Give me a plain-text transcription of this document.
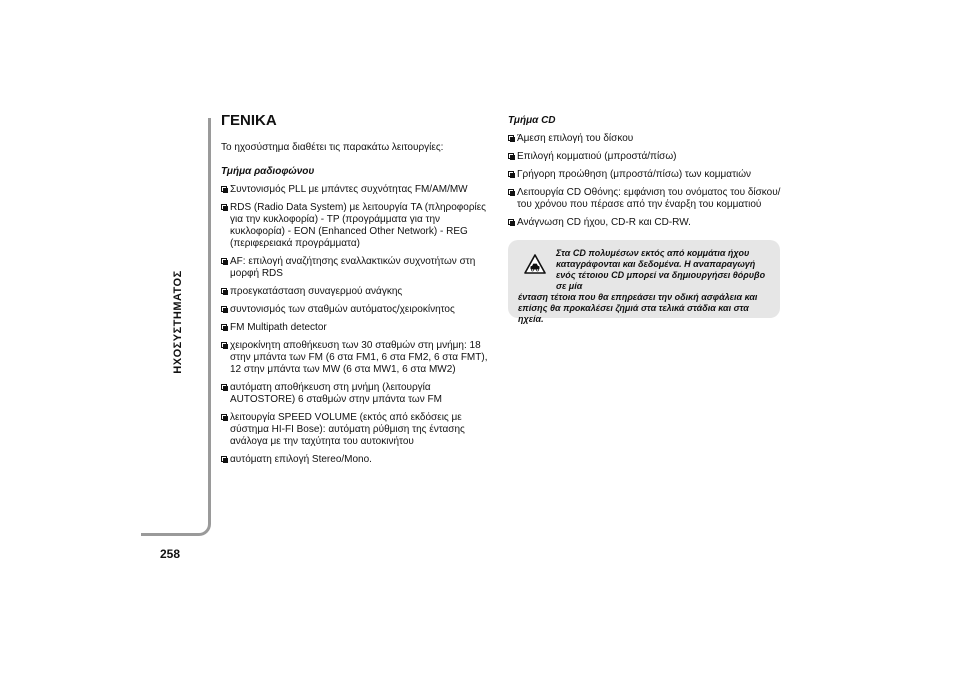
ΗΧΟΣΥΣΤΗΜΑΤΟΣ
258
ΓΕΝΙΚΑ
Το ηχοσύστημα διαθέτει τις παρακάτω λειτουργίες:
Τμήμα ραδιοφώνου
Συντονισμός PLL με μπάντες συχνότητας FM/AM/MW
RDS (Radio Data System) με λειτουργία TA (πληροφορίες για την κυκλοφορία) - TP (προγράμματα για την κυκλοφορία) - EON (Enhanced Other Network) - REG (περιφερειακά προγράμματα)
AF: επιλογή αναζήτησης εναλλακτικών συχνοτήτων στη μορφή RDS
προεγκατάσταση συναγερμού ανάγκης
συντονισμός των σταθμών αυτόματος/χειροκίνητος
FM Multipath detector
χειροκίνητη αποθήκευση των 30 σταθμών στη μνήμη: 18 στην μπάντα των FM (6 στα FM1, 6 στα FM2, 6 στα FMT), 12 στην μπάντα των MW (6 στα MW1, 6 στα MW2)
αυτόματη αποθήκευση στη μνήμη (λειτουργία AUTOSTORE) 6 σταθμών στην μπάντα των FM
λειτουργία SPEED VOLUME (εκτός από εκδόσεις με σύστημα HI-FI Bose): αυτόματη ρύθμιση της έντασης ανάλογα με την ταχύτητα του αυτοκινήτου
αυτόματη επιλογή Stereo/Mono.
Τμήμα CD
Άμεση επιλογή του δίσκου
Επιλογή κομματιού (μπροστά/πίσω)
Γρήγορη προώθηση (μπροστά/πίσω) των κομματιών
Λειτουργία CD Οθόνης: εμφάνιση του ονόματος του δίσκου/του χρόνου που πέρασε από την έναρξη του κομματιού
Ανάγνωση CD ήχου, CD-R και CD-RW.
Στα CD πολυμέσων εκτός από κομμάτια ήχου καταγράφονται και δεδομένα. Η αναπαραγωγή ενός τέτοιου CD μπορεί να δημιουργήσει θόρυβο σε μία
ένταση τέτοια που θα επηρεάσει την οδική ασφάλεια και επίσης θα προκαλέσει ζημιά στα τελικά στάδια και στα ηχεία.
